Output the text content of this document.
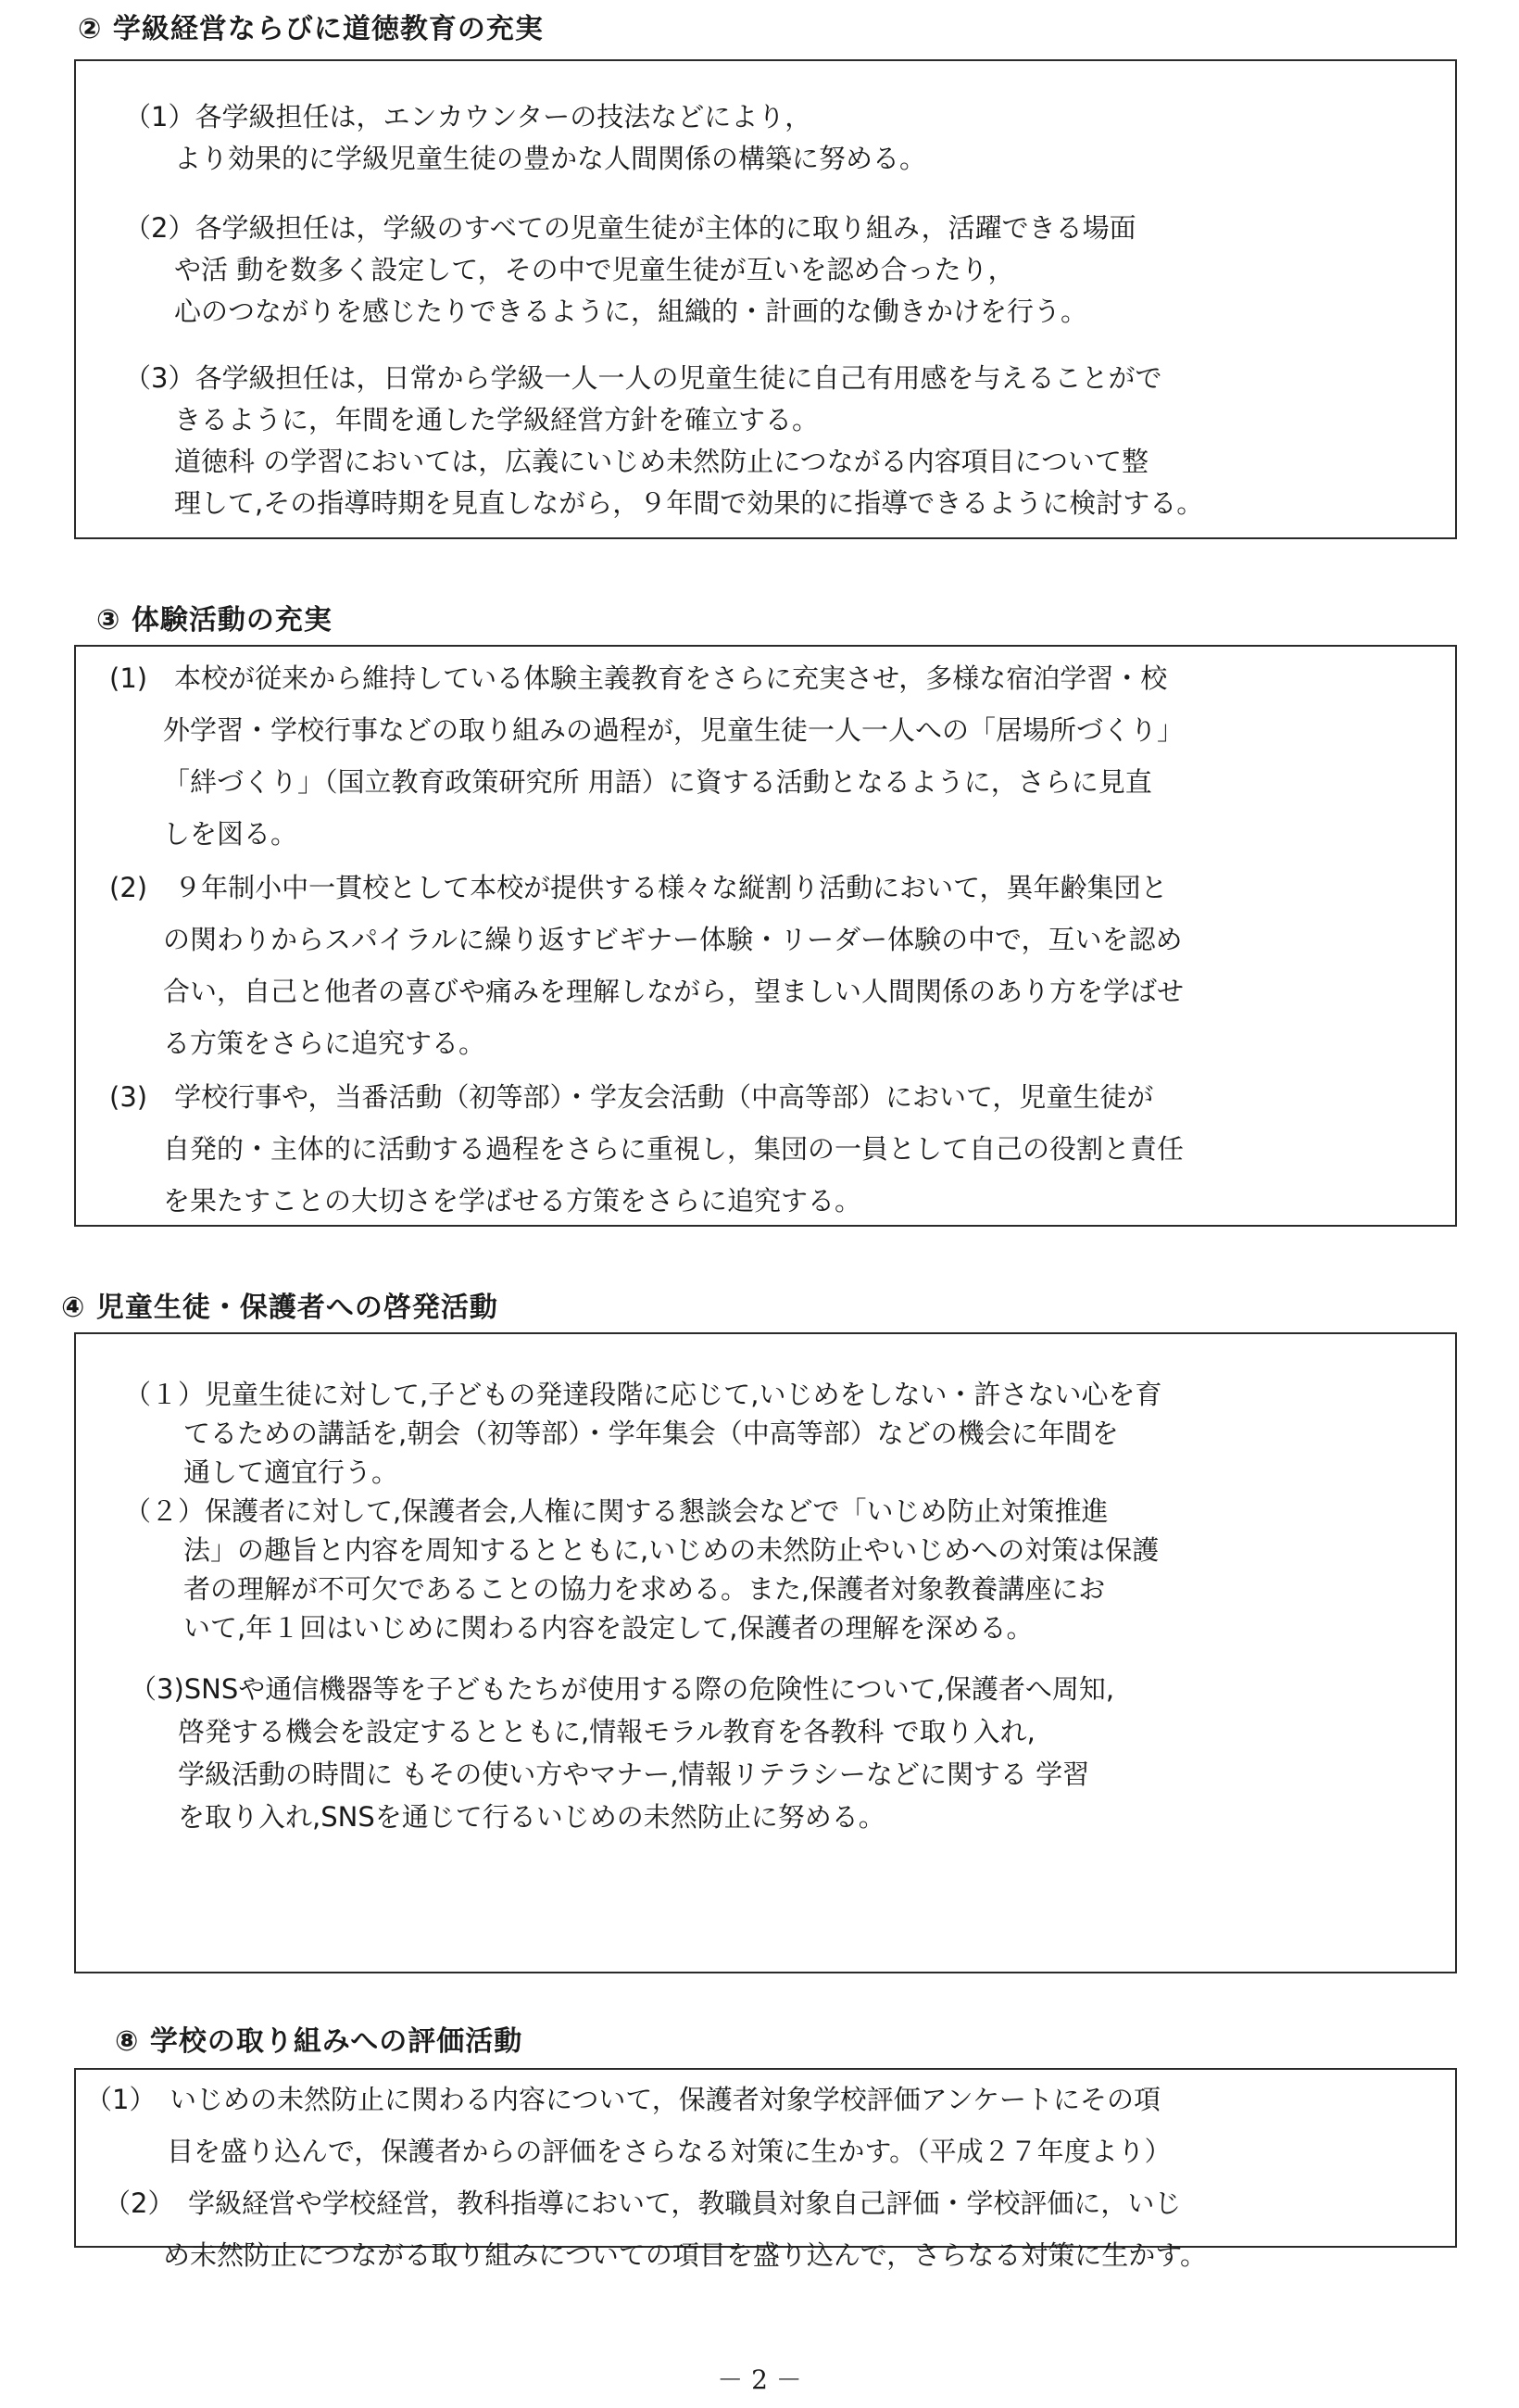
② 学級経営ならびに道徳教育の充実
（1）各学級担任は，エンカウンターの技法などにより，
より効果的に学級児童生徒の豊かな人間関係の構築に努める。
（2）各学級担任は，学級のすべての児童生徒が主体的に取り組み，活躍できる場面
や活 動を数多く設定して，その中で児童生徒が互いを認め合ったり，
心のつながりを感じたりできるように，組織的・計画的な働きかけを行う。
（3）各学級担任は，日常から学級一人一人の児童生徒に自己有用感を与えることがで
きるように，年間を通した学級経営方針を確立する。
道徳科 の学習においては，広義にいじめ未然防止につながる内容項目について整
理して,その指導時期を見直しながら，９年間で効果的に指導できるように検討する。
③ 体験活動の充実
(1)　本校が従来から維持している体験主義教育をさらに充実させ，多様な宿泊学習・校
外学習・学校行事などの取り組みの過程が，児童生徒一人一人への「居場所づくり」
「絆づくり」（国立教育政策研究所 用語）に資する活動となるように，さらに見直
しを図る。
(2)　９年制小中一貫校として本校が提供する様々な縦割り活動において，異年齢集団と
の関わりからスパイラルに繰り返すビギナー体験・リーダー体験の中で，互いを認め
合い，自己と他者の喜びや痛みを理解しながら，望ましい人間関係のあり方を学ばせ
る方策をさらに追究する。
(3)　学校行事や，当番活動（初等部）・学友会活動（中高等部）において，児童生徒が
自発的・主体的に活動する過程をさらに重視し，集団の一員として自己の役割と責任
を果たすことの大切さを学ばせる方策をさらに追究する。
④ 児童生徒・保護者への啓発活動
（１）児童生徒に対して,子どもの発達段階に応じて,いじめをしない・許さない心を育
てるための講話を,朝会（初等部）・学年集会（中高等部）などの機会に年間を
通して適宜行う。
（２）保護者に対して,保護者会,人権に関する懇談会などで「いじめ防止対策推進
法」の趣旨と内容を周知するとともに,いじめの未然防止やいじめへの対策は保護
者の理解が不可欠であることの協力を求める。また,保護者対象教養講座にお
いて,年１回はいじめに関わる内容を設定して,保護者の理解を深める。
（3)SNSや通信機器等を子どもたちが使用する際の危険性について,保護者へ周知,
啓発する機会を設定するとともに,情報モラル教育を各教科 で取り入れ,
学級活動の時間に もその使い方やマナー,情報リテラシーなどに関する 学習
を取り入れ,SNSを通じて行るいじめの未然防止に努める。
⑧ 学校の取り組みへの評価活動
（1）　いじめの未然防止に関わる内容について，保護者対象学校評価アンケートにその項
目を盛り込んで，保護者からの評価をさらなる対策に生かす。（平成２７年度より）
（2）　学級経営や学校経営，教科指導において，教職員対象自己評価・学校評価に，いじ
め未然防止につながる取り組みについての項目を盛り込んで，さらなる対策に生かす。
－ 2 －
